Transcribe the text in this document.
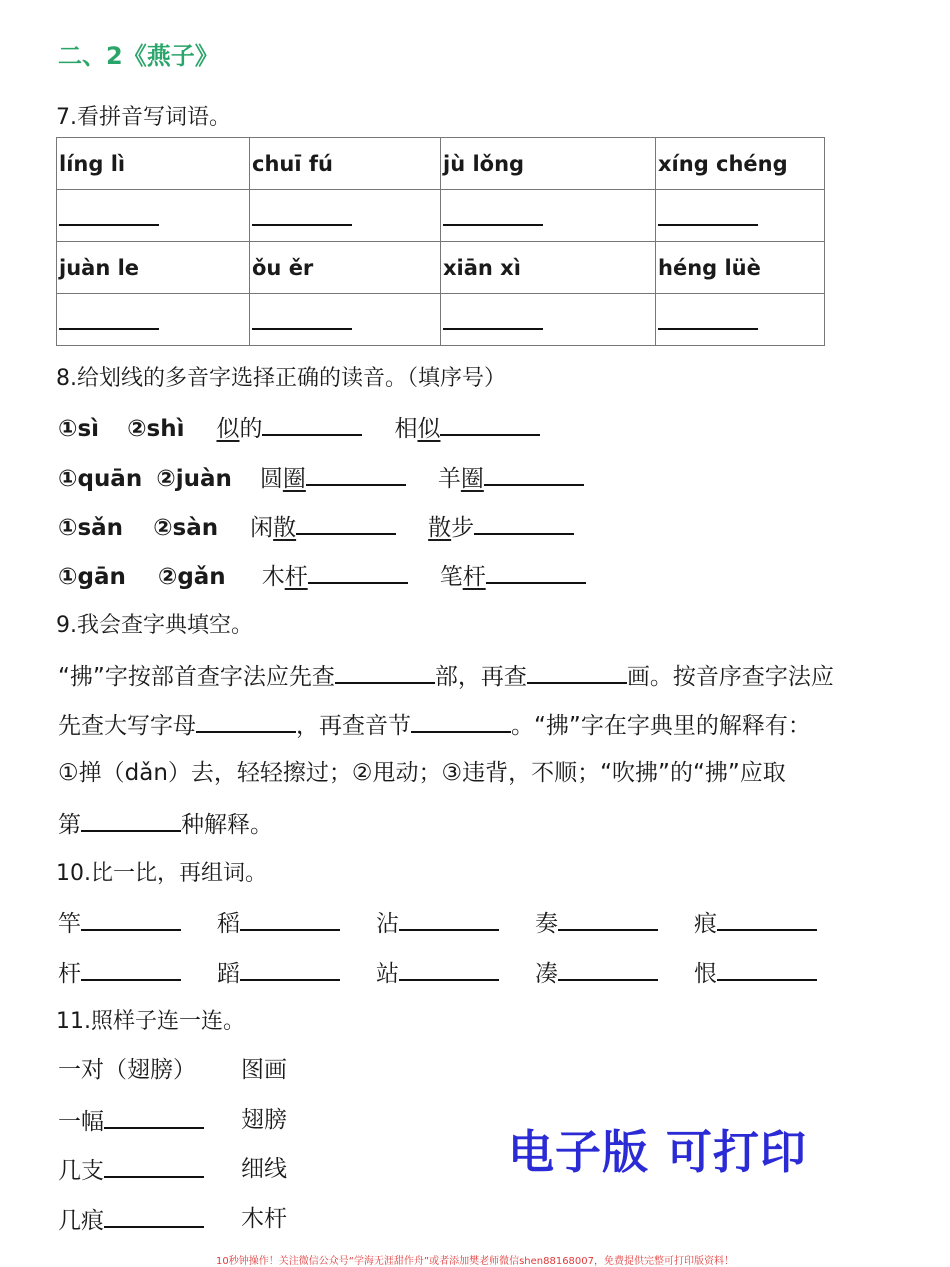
二、2《燕子》
7.看拼音写词语。
líng lì	chuī fú	jù lǒng	xíng chéng

juàn le	ǒu ěr	xiān xì	héng lüè

8.给划线的多音字选择正确的读音。（填序号）
①sì ②shì 似的	相似
①quān ②juàn 圆圈	羊圈
①sǎn ②sàn 闲散	散步
①gān ②gǎn 木杆	笔杆
9.我会查字典填空。
“拂”字按部首查字法应先查	部，再查	画。按音序查字法应
先查大写字母	，再查音节	。“拂”字在字典里的解释有：
①掸（dǎn）去，轻轻擦过；②甩动；③违背，不顺；“吹拂”的“拂”应取
第	种解释。
10.比一比，再组词。
竿	稻	沾	奏	痕
杆	蹈	站	凑	恨
11.照样子连一连。
一对（翅膀） 图画
一幅	翅膀
几支	细线
几痕	木杆
电子版 可打印
10秒钟操作！关注微信公众号“学海无涯甜作舟”或者添加樊老师微信shen88168007，免费提供完整可打印版资料！
